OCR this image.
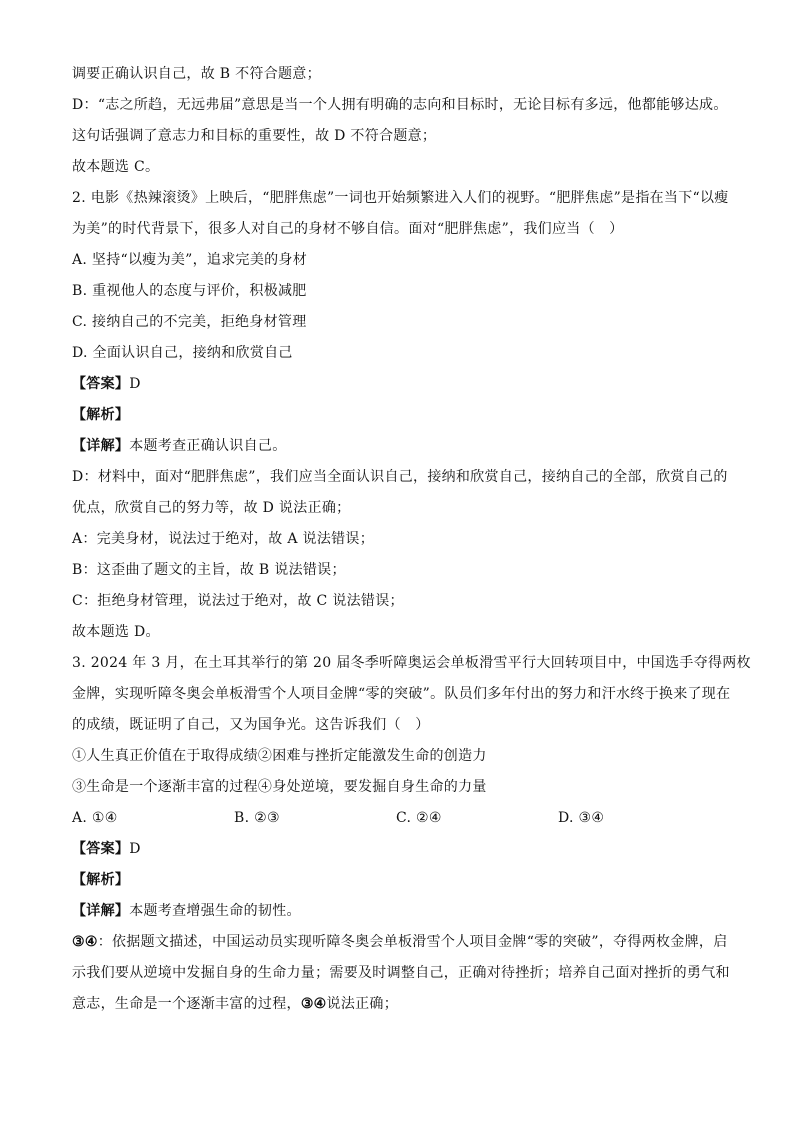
调要正确认识自己，故 B 不符合题意；

D：“志之所趋，无远弗届”意思是当一个人拥有明确的志向和目标时，无论目标有多远，他都能够达成。

这句话强调了意志力和目标的重要性，故 D 不符合题意；

故本题选 C。

2. 电影《热辣滚烫》上映后，“肥胖焦虑”一词也开始频繁进入人们的视野。“肥胖焦虑”是指在当下“以瘦

为美”的时代背景下，很多人对自己的身材不够自信。面对“肥胖焦虑”，我们应当（　）

A. 坚持“以瘦为美”，追求完美的身材

B. 重视他人的态度与评价，积极减肥

C. 接纳自己的不完美，拒绝身材管理

D. 全面认识自己，接纳和欣赏自己

【答案】D

【解析】

【详解】本题考查正确认识自己。

D：材料中，面对“肥胖焦虑”，我们应当全面认识自己，接纳和欣赏自己，接纳自己的全部，欣赏自己的

优点，欣赏自己的努力等，故 D 说法正确；

A：完美身材，说法过于绝对，故 A 说法错误；

B：这歪曲了题文的主旨，故 B 说法错误；

C：拒绝身材管理，说法过于绝对，故 C 说法错误；

故本题选 D。

3. 2024 年 3 月，在土耳其举行的第 20 届冬季听障奥运会单板滑雪平行大回转项目中，中国选手夺得两枚

金牌，实现听障冬奥会单板滑雪个人项目金牌“零的突破”。队员们多年付出的努力和汗水终于换来了现在

的成绩，既证明了自己，又为国争光。这告诉我们（　）

①人生真正价值在于取得成绩②困难与挫折定能激发生命的创造力

③生命是一个逐渐丰富的过程④身处逆境，要发掘自身生命的力量

A. ①④	B. ②③	C. ②④	D. ③④

【答案】D

【解析】

【详解】本题考查增强生命的韧性。

③④：依据题文描述，中国运动员实现听障冬奥会单板滑雪个人项目金牌“零的突破”，夺得两枚金牌，启

示我们要从逆境中发掘自身的生命力量；需要及时调整自己，正确对待挫折；培养自己面对挫折的勇气和

意志，生命是一个逐渐丰富的过程，③④说法正确；
